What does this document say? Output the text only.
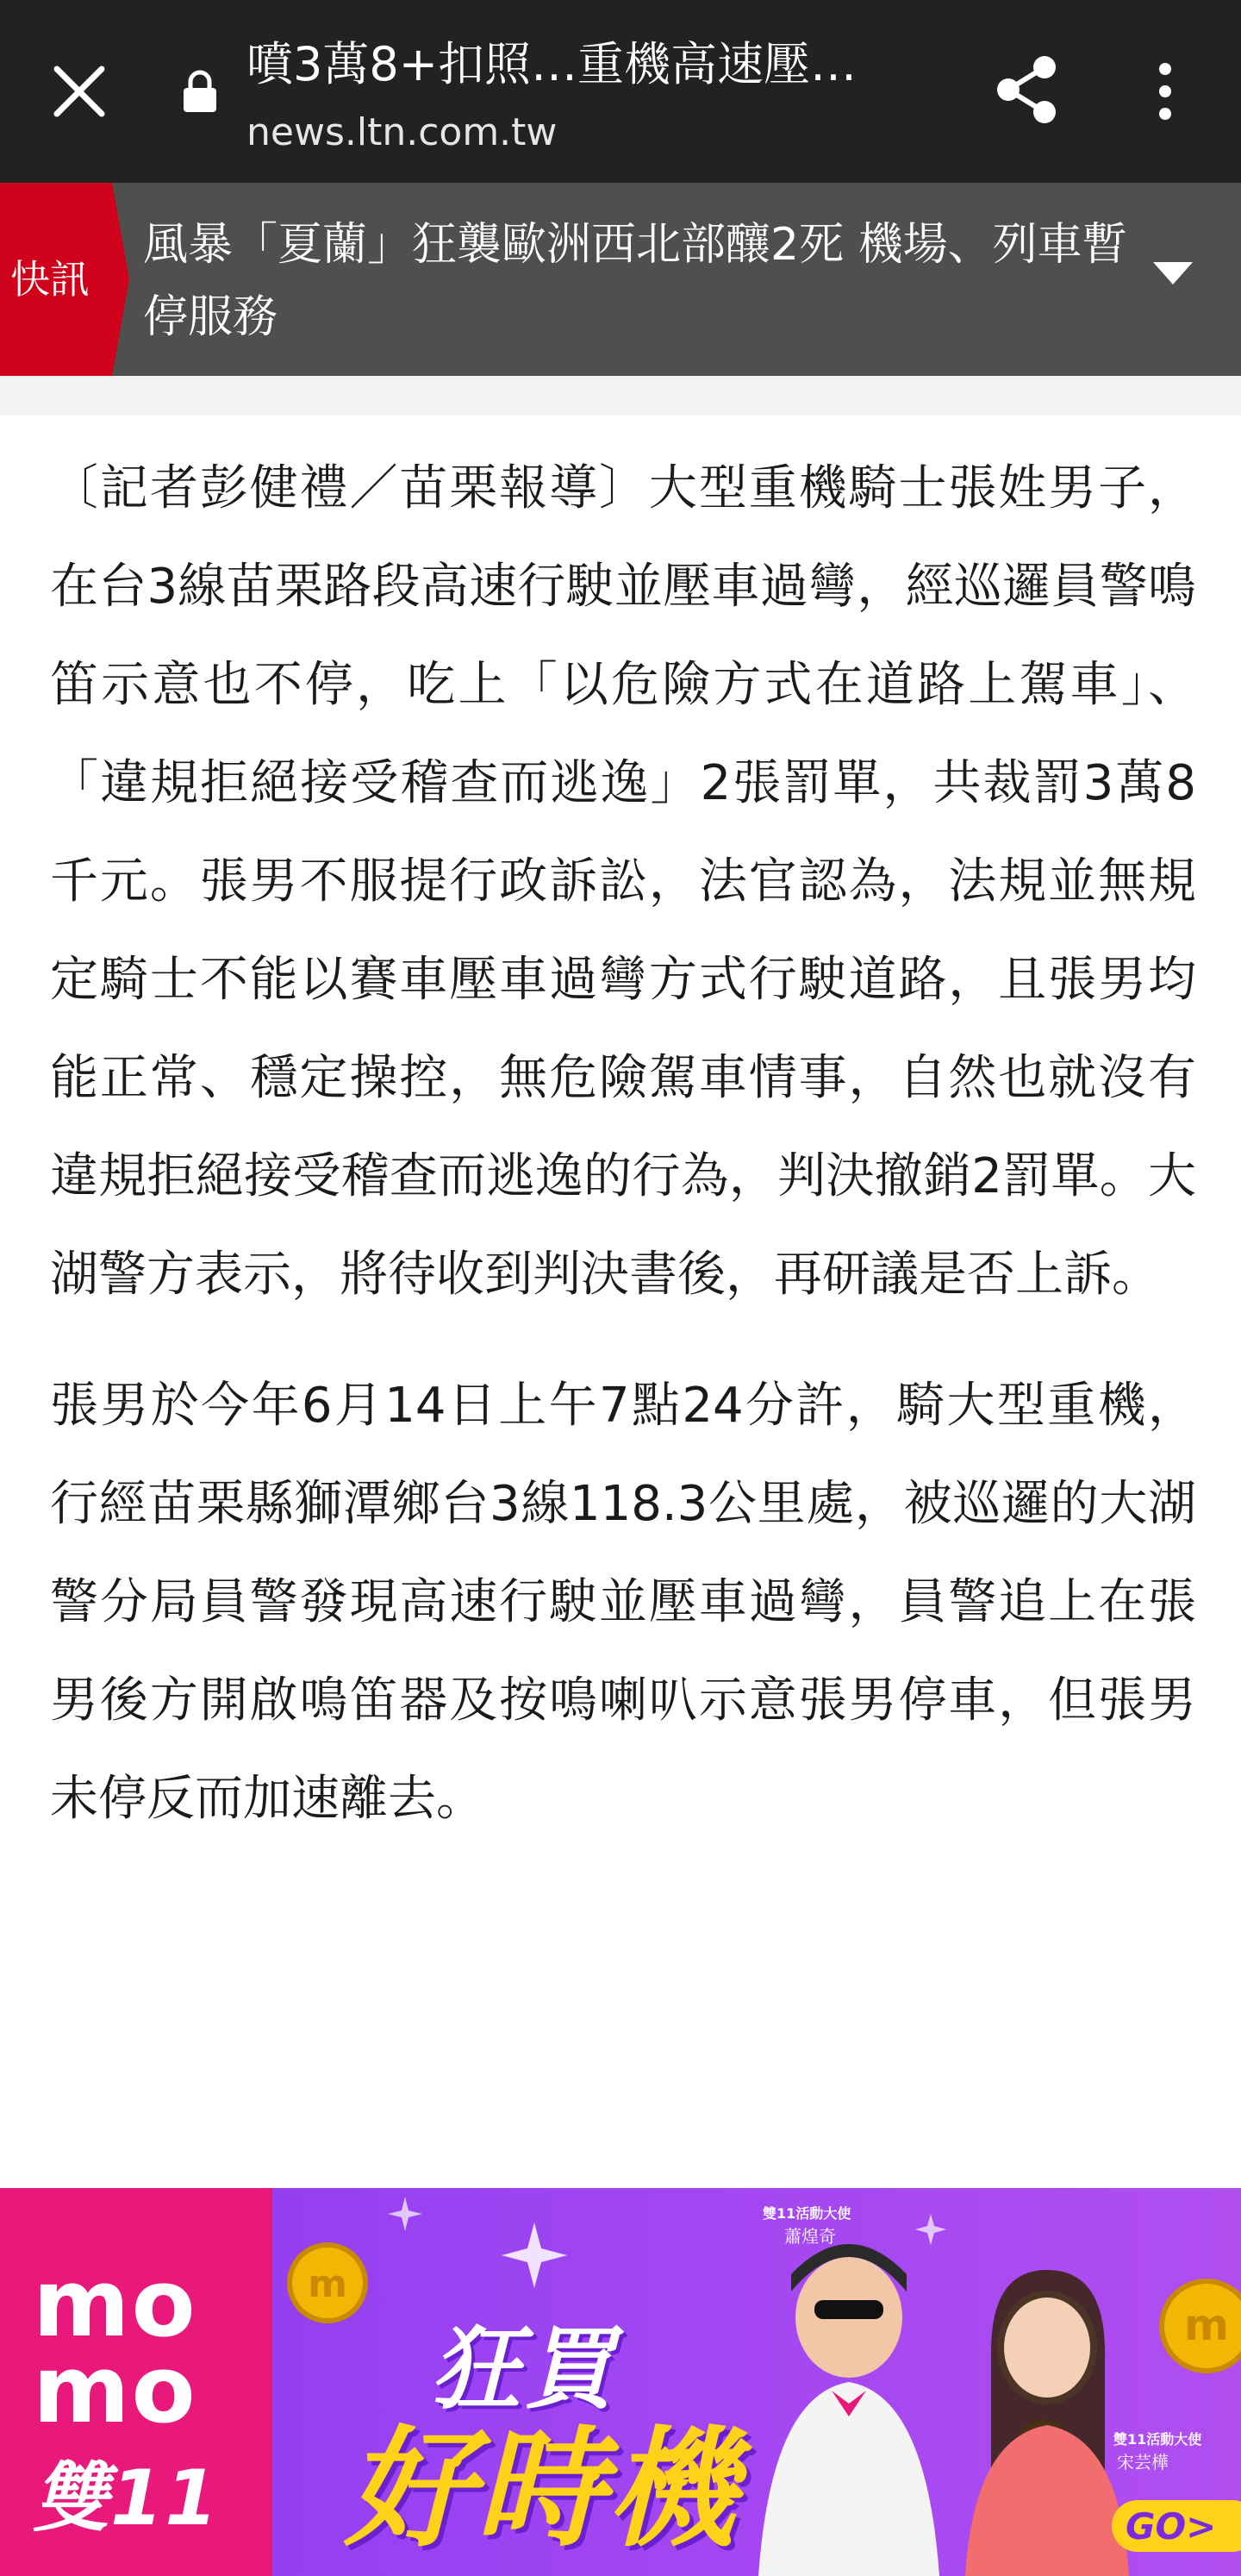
噴3萬8+扣照…重機高速壓…
news.ltn.com.tw
快訊
風暴「夏蘭」狂襲歐洲西北部釀2死 機場、列車暫停服務

〔記者彭健禮／苗栗報導〕大型重機騎士張姓男子，在台3線苗栗路段高速行駛並壓車過彎，經巡邏員警鳴笛示意也不停，吃上「以危險方式在道路上駕車」、「違規拒絕接受稽查而逃逸」2張罰單，共裁罰3萬8千元。張男不服提行政訴訟，法官認為，法規並無規定騎士不能以賽車壓車過彎方式行駛道路，且張男均能正常、穩定操控，無危險駕車情事，自然也就沒有違規拒絕接受稽查而逃逸的行為，判決撤銷2罰單。大湖警方表示，將待收到判決書後，再研議是否上訴。

張男於今年6月14日上午7點24分許，騎大型重機，行經苗栗縣獅潭鄉台3線118.3公里處，被巡邏的大湖警分局員警發現高速行駛並壓車過彎，員警追上在張男後方開啟鳴笛器及按鳴喇叭示意張男停車，但張男未停反而加速離去。

mo
mo
雙11
m
m
狂買
好時機
雙11活動大使
蕭煌奇
雙11活動大使
宋芸樺
GO>
